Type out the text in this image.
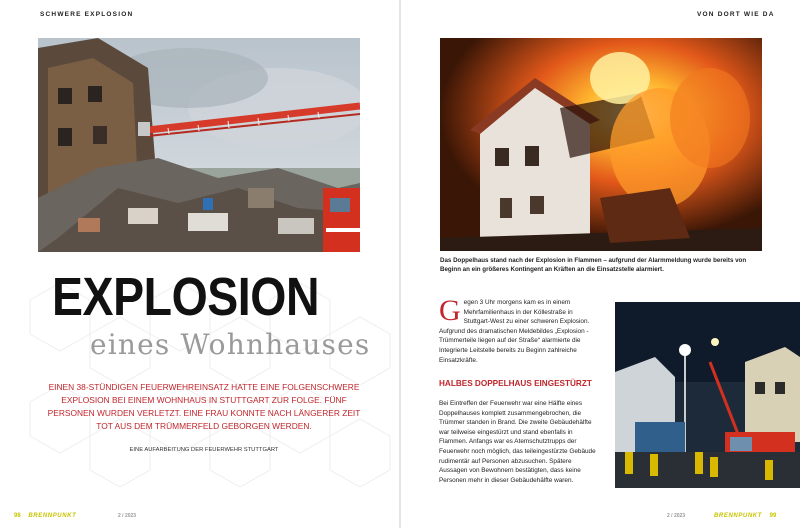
SCHWERE EXPLOSION
EXPLOSION
eines Wohnhauses
EINEN 38-STÜNDIGEN FEUERWEHREINSATZ HATTE EINE FOLGENSCHWERE EXPLOSION BEI EINEM WOHNHAUS IN STUTTGART ZUR FOLGE. FÜNF PERSONEN WURDEN VERLETZT. EINE FRAU KONNTE NACH LÄNGERER ZEIT TOT AUS DEM TRÜMMERFELD GEBORGEN WERDEN.
EINE AUFARBEITUNG DER FEUERWEHR STUTTGART
98 BRENNPUNKT	2 / 2023
VON DORT WIE DA
Das Doppelhaus stand nach der Explosion in Flammen – aufgrund der Alarmmeldung wurde bereits von Beginn an ein größeres Kontingent an Kräften an die Einsatzstelle alarmiert.
G egen 3 Uhr morgens kam es in einem Mehrfamilienhaus in der Köllestraße in Stuttgart-West zu einer schweren Explosion. Aufgrund des dramatischen Meldebildes „Explosion - Trümmerteile liegen auf der Straße“ alarmierte die Integrierte Leitstelle bereits zu Beginn zahlreiche Einsatzkräfte.

HALBES DOPPELHAUS EINGESTÜRZT

Bei Eintreffen der Feuerwehr war eine Hälfte eines Doppelhauses komplett zusammengebrochen, die Trümmer standen in Brand. Die zweite Gebäudehälfte war teilweise eingestürzt und stand ebenfalls in Flammen. Anfangs war es Atemschutztrupps der Feuerwehr noch möglich, das teileingestürzte Gebäude rudimentär auf Personen abzusuchen. Spätere Aussagen von Bewohnern bestätigten, dass keine Personen mehr in dieser Gebäudehälfte waren.

2 / 2023	BRENNPUNKT 99
